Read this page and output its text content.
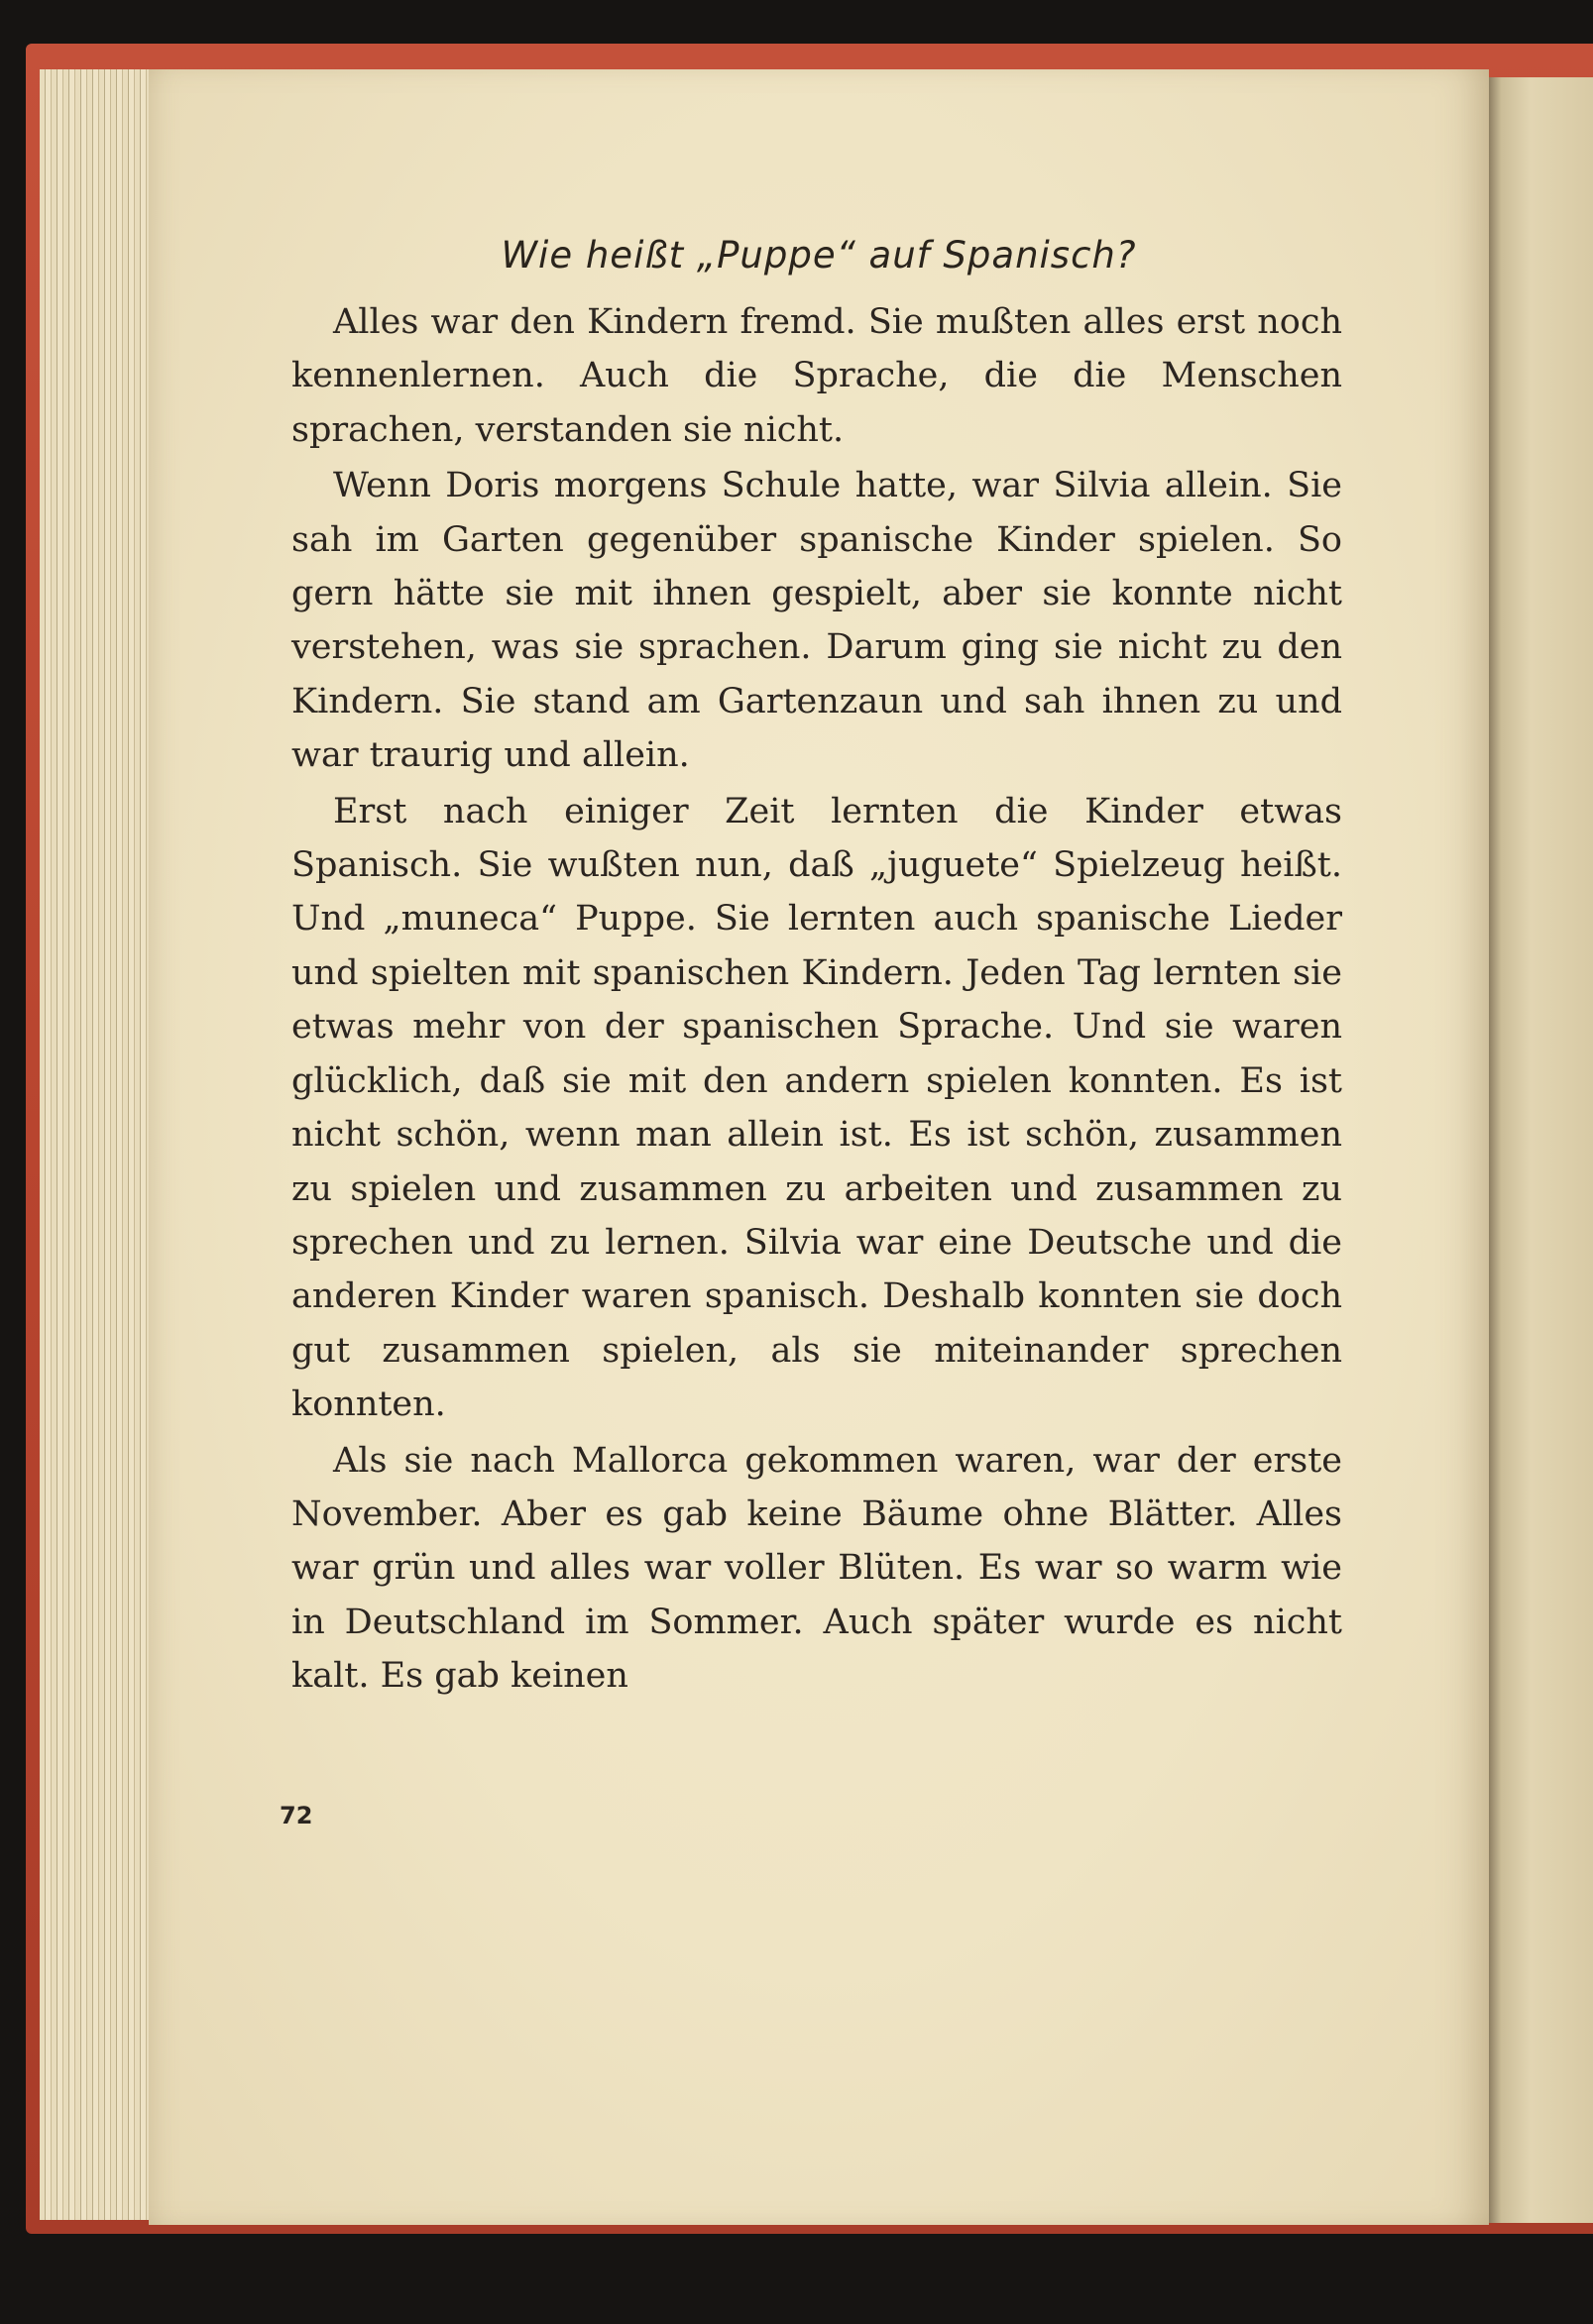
Wie heißt „Puppe“ auf Spanisch?

Alles war den Kindern fremd. Sie mußten alles erst noch kennenlernen. Auch die Sprache, die die Menschen sprachen, verstanden sie nicht.

Wenn Doris morgens Schule hatte, war Silvia allein. Sie sah im Garten gegenüber spanische Kinder spielen. So gern hätte sie mit ihnen gespielt, aber sie konnte nicht verstehen, was sie sprachen. Darum ging sie nicht zu den Kindern. Sie stand am Gartenzaun und sah ihnen zu und war traurig und allein.

Erst nach einiger Zeit lernten die Kinder etwas Spanisch. Sie wußten nun, daß „juguete“ Spielzeug heißt. Und „muneca“ Puppe. Sie lernten auch spanische Lieder und spielten mit spanischen Kindern. Jeden Tag lernten sie etwas mehr von der spanischen Sprache. Und sie waren glücklich, daß sie mit den andern spielen konnten. Es ist nicht schön, wenn man allein ist. Es ist schön, zusammen zu spielen und zusammen zu arbeiten und zusammen zu sprechen und zu lernen. Silvia war eine Deutsche und die anderen Kinder waren spanisch. Deshalb konnten sie doch gut zusammen spielen, als sie miteinander sprechen konnten.

Als sie nach Mallorca gekommen waren, war der erste November. Aber es gab keine Bäume ohne Blätter. Alles war grün und alles war voller Blüten. Es war so warm wie in Deutschland im Sommer. Auch später wurde es nicht kalt. Es gab keinen

72
